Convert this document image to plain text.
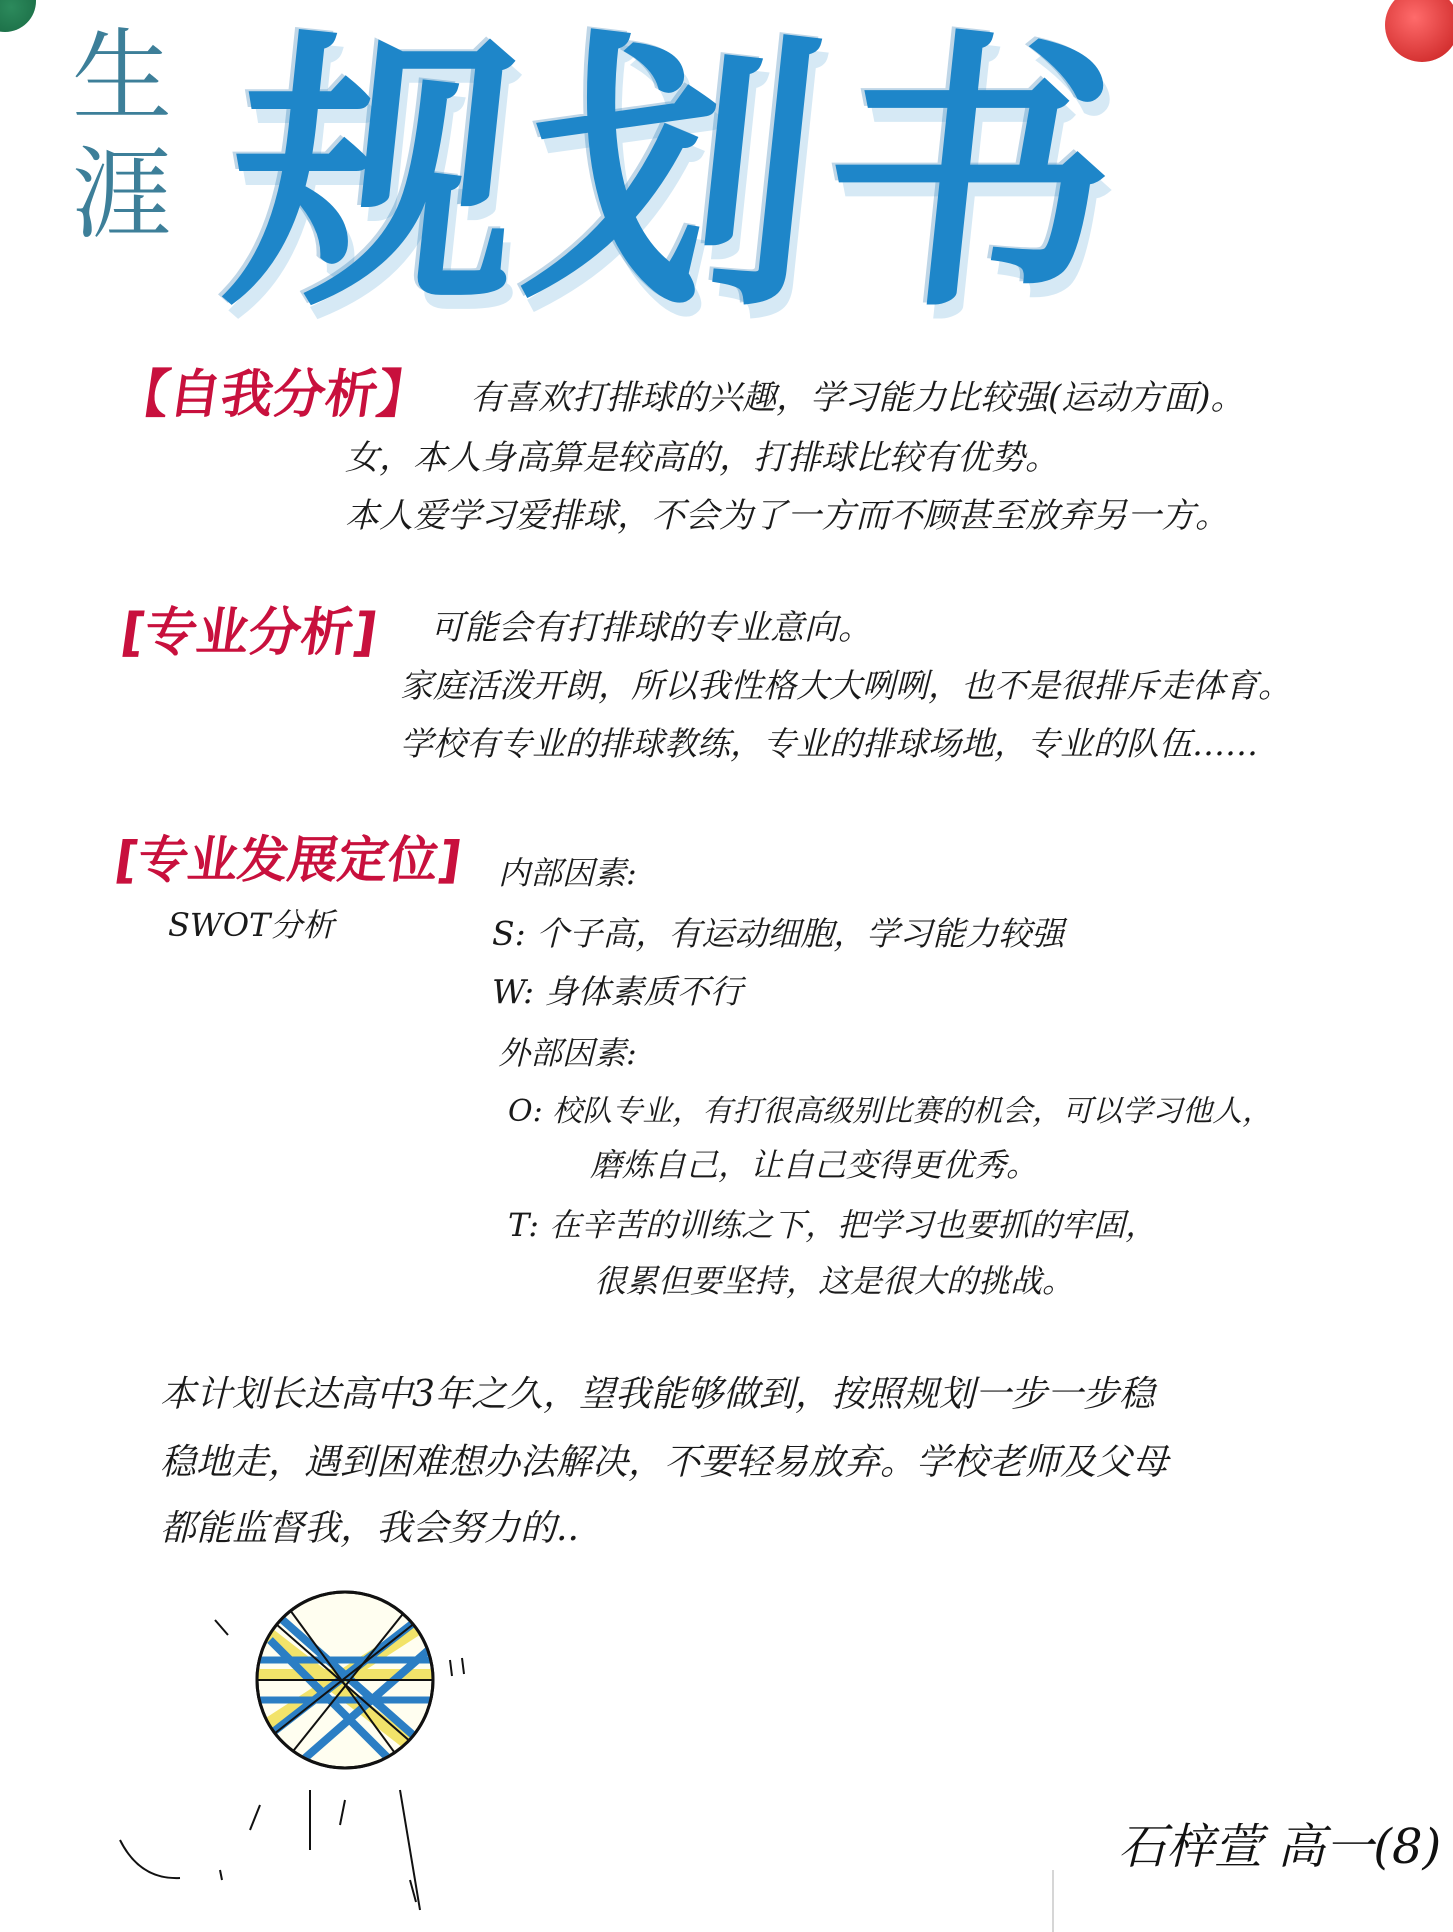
生
涯 规划书
【自我分析】 有喜欢打排球的兴趣，学习能力比较强(运动方面)。
女，本人身高算是较高的，打排球比较有优势。
本人爱学习爱排球，不会为了一方而不顾甚至放弃另一方。
[专业分析] 可能会有打排球的专业意向。
家庭活泼开朗，所以我性格大大咧咧，也不是很排斥走体育。
学校有专业的排球教练，专业的排球场地，专业的队伍……
[专业发展定位]
SWOT分析
内部因素:
S: 个子高，有运动细胞，学习能力较强
W: 身体素质不行
外部因素:
O: 校队专业，有打很高级别比赛的机会，可以学习他人，
磨炼自己，让自己变得更优秀。
T: 在辛苦的训练之下，把学习也要抓的牢固，
很累但要坚持，这是很大的挑战。
本计划长达高中3年之久，望我能够做到，按照规划一步一步稳
稳地走，遇到困难想办法解决，不要轻易放弃。学校老师及父母
都能监督我，我会努力的..
石梓萱 高一(8)
